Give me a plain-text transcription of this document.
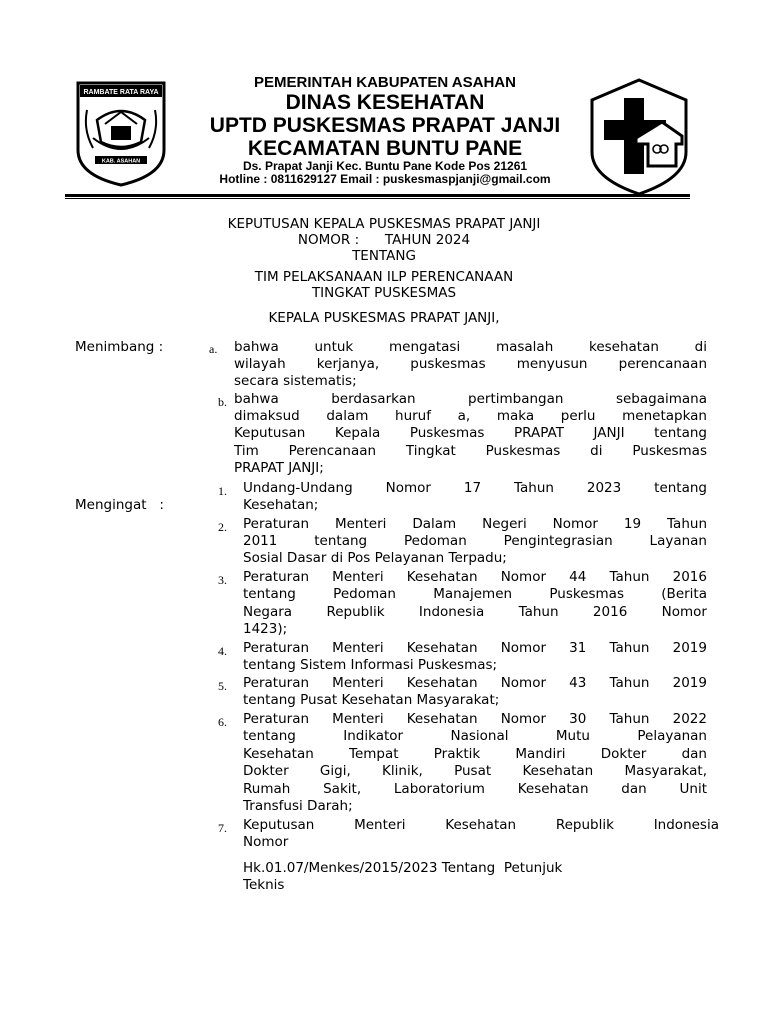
RAMBATE RATA RAYA
KAB. ASAHAN
PEMERINTAH KABUPATEN ASAHAN
DINAS KESEHATAN
UPTD PUSKESMAS PRAPAT JANJI
KECAMATAN BUNTU PANE
Ds. Prapat Janji Kec. Buntu Pane Kode Pos 21261
Hotline : 0811629127 Email : puskesmaspjanji@gmail.com
KEPUTUSAN KEPALA PUSKESMAS PRAPAT JANJI
NOMOR :      TAHUN 2024
TENTANG
TIM PELAKSANAAN ILP PERENCANAAN
TINGKAT PUSKESMAS
KEPALA PUSKESMAS PRAPAT JANJI,
Menimbang :	a. bahwa untuk mengatasi masalah kesehatan di
wilayah kerjanya, puskesmas menyusun perencanaan
secara sistematis;
b. bahwa berdasarkan pertimbangan sebagaimana
dimaksud dalam huruf a, maka perlu menetapkan
Keputusan Kepala Puskesmas PRAPAT JANJI tentang
Tim Perencanaan Tingkat Puskesmas di Puskesmas
PRAPAT JANJI;
Mengingat   :
1. Undang-Undang Nomor 17 Tahun 2023 tentang
Kesehatan;
2. Peraturan Menteri Dalam Negeri Nomor 19 Tahun
2011 tentang Pedoman Pengintegrasian Layanan
Sosial Dasar di Pos Pelayanan Terpadu;
3. Peraturan Menteri Kesehatan Nomor 44 Tahun 2016
tentang Pedoman Manajemen Puskesmas (Berita
Negara Republik Indonesia Tahun 2016 Nomor
1423);
4. Peraturan Menteri Kesehatan Nomor 31 Tahun 2019
tentang Sistem Informasi Puskesmas;
5. Peraturan Menteri Kesehatan Nomor 43 Tahun 2019
tentang Pusat Kesehatan Masyarakat;
6. Peraturan Menteri Kesehatan Nomor 30 Tahun 2022
tentang Indikator Nasional Mutu Pelayanan
Kesehatan Tempat Praktik Mandiri Dokter dan
Dokter Gigi, Klinik, Pusat Kesehatan Masyarakat,
Rumah Sakit, Laboratorium Kesehatan dan Unit
Transfusi Darah;
7. Keputusan Menteri Kesehatan Republik Indonesia
Nomor
Hk.01.07/Menkes/2015/2023 Tentang  Petunjuk
Teknis
